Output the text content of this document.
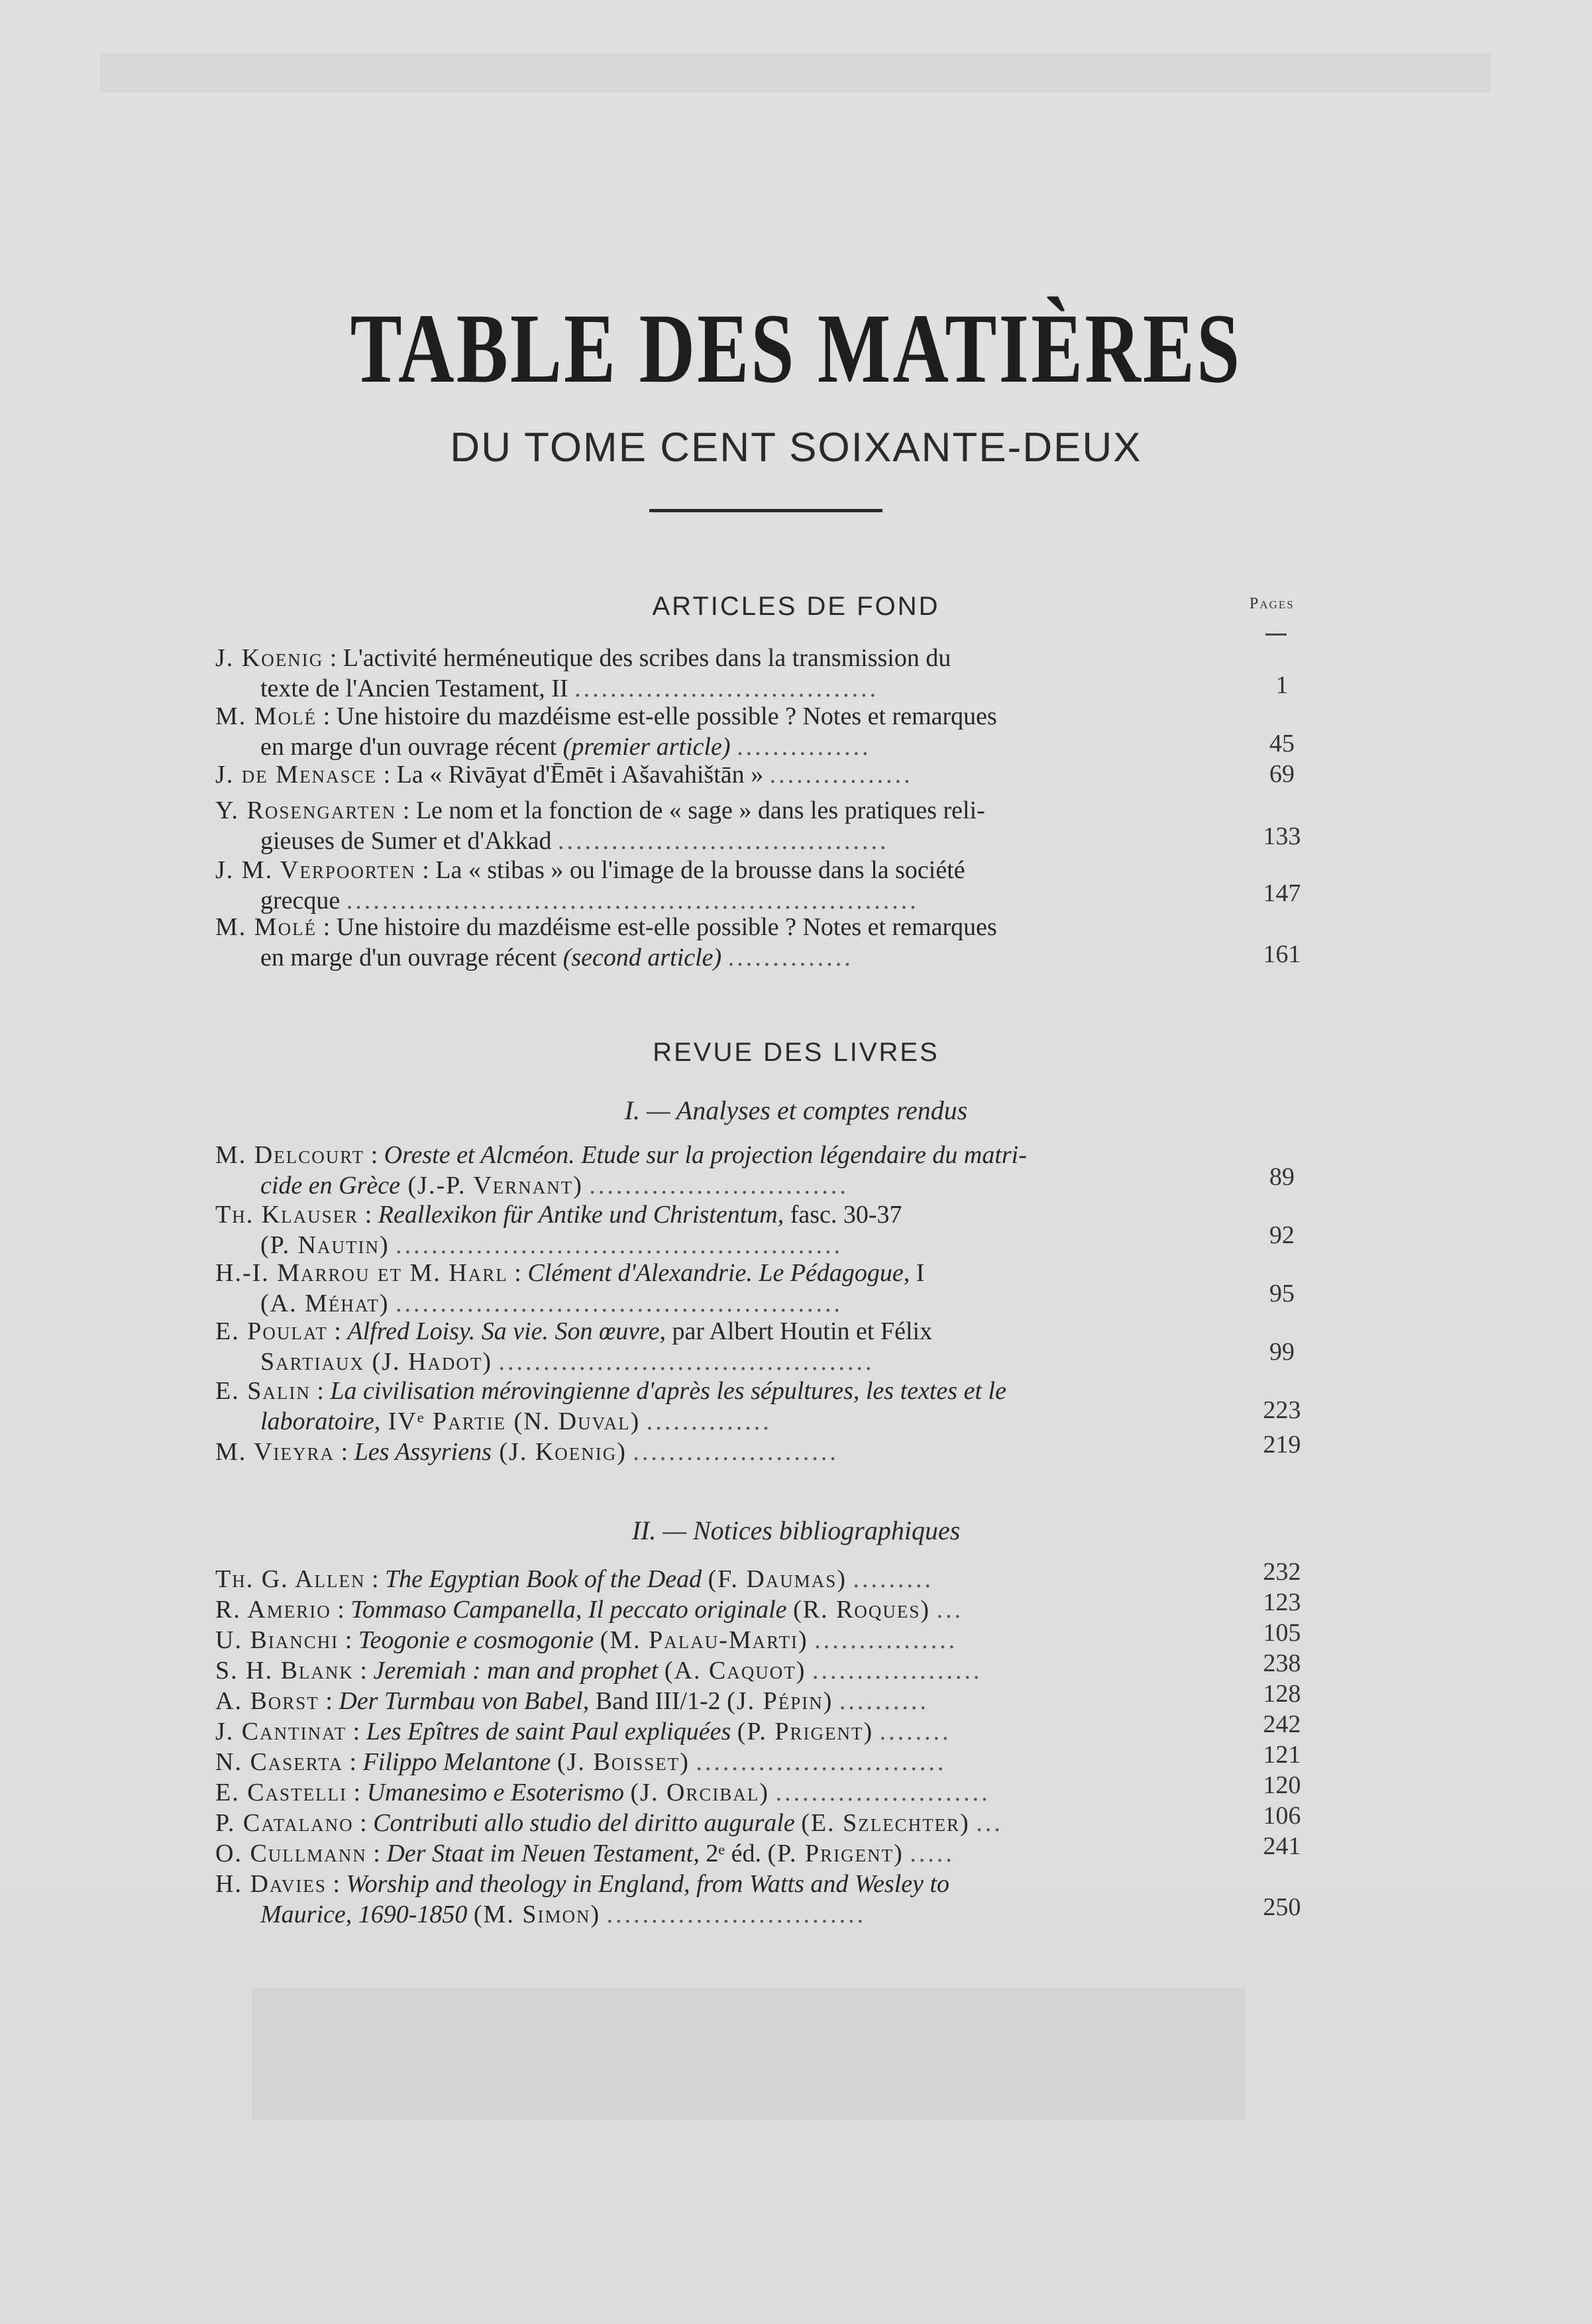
TABLE DES MATIÈRES
DU TOME CENT SOIXANTE-DEUX
ARTICLES DE FOND	Pages
J. Koenig : L'activité herméneutique des scribes dans la transmission du
texte de l'Ancien Testament, II ..................................	1
M. Molé : Une histoire du mazdéisme est-elle possible ? Notes et remarques
en marge d'un ouvrage récent (premier article) ...............	45
J. de Menasce : La « Rivāyat d'Ēmēt i Ašavahištān » ................	69
Y. Rosengarten : Le nom et la fonction de « sage » dans les pratiques reli-
gieuses de Sumer et d'Akkad .....................................	133
J. M. Verpoorten : La « stibas » ou l'image de la brousse dans la société
grecque ................................................................	147
M. Molé : Une histoire du mazdéisme est-elle possible ? Notes et remarques
en marge d'un ouvrage récent (second article) ..............	161
REVUE DES LIVRES
I. — Analyses et comptes rendus
M. Delcourt : Oreste et Alcméon. Etude sur la projection légendaire du matri-
cide en Grèce (J.-P. Vernant) .............................	89
Th. Klauser : Reallexikon für Antike und Christentum, fasc. 30-37
(P. Nautin) ..................................................	92
H.-I. Marrou et M. Harl : Clément d'Alexandrie. Le Pédagogue, I
(A. Méhat) ..................................................	95
E. Poulat : Alfred Loisy. Sa vie. Son œuvre, par Albert Houtin et Félix
Sartiaux (J. Hadot) ..........................................	99
E. Salin : La civilisation mérovingienne d'après les sépultures, les textes et le
laboratoire, IVᵉ Partie (N. Duval) ..............	223
M. Vieyra : Les Assyriens (J. Koenig) .......................	219
II. — Notices bibliographiques
Th. G. Allen : The Egyptian Book of the Dead (F. Daumas) .........	232
R. Amerio : Tommaso Campanella, Il peccato originale (R. Roques) ...	123
U. Bianchi : Teogonie e cosmogonie (M. Palau-Marti) ................	105
S. H. Blank : Jeremiah : man and prophet (A. Caquot) ...................	238
A. Borst : Der Turmbau von Babel, Band III/1-2 (J. Pépin) ..........	128
J. Cantinat : Les Epîtres de saint Paul expliquées (P. Prigent) ........	242
N. Caserta : Filippo Melantone (J. Boisset) ............................	121
E. Castelli : Umanesimo e Esoterismo (J. Orcibal) ........................	120
P. Catalano : Contributi allo studio del diritto augurale (E. Szlechter) ...	106
O. Cullmann : Der Staat im Neuen Testament, 2ᵉ éd. (P. Prigent) .....	241
H. Davies : Worship and theology in England, from Watts and Wesley to
Maurice, 1690-1850 (M. Simon) .............................	250
